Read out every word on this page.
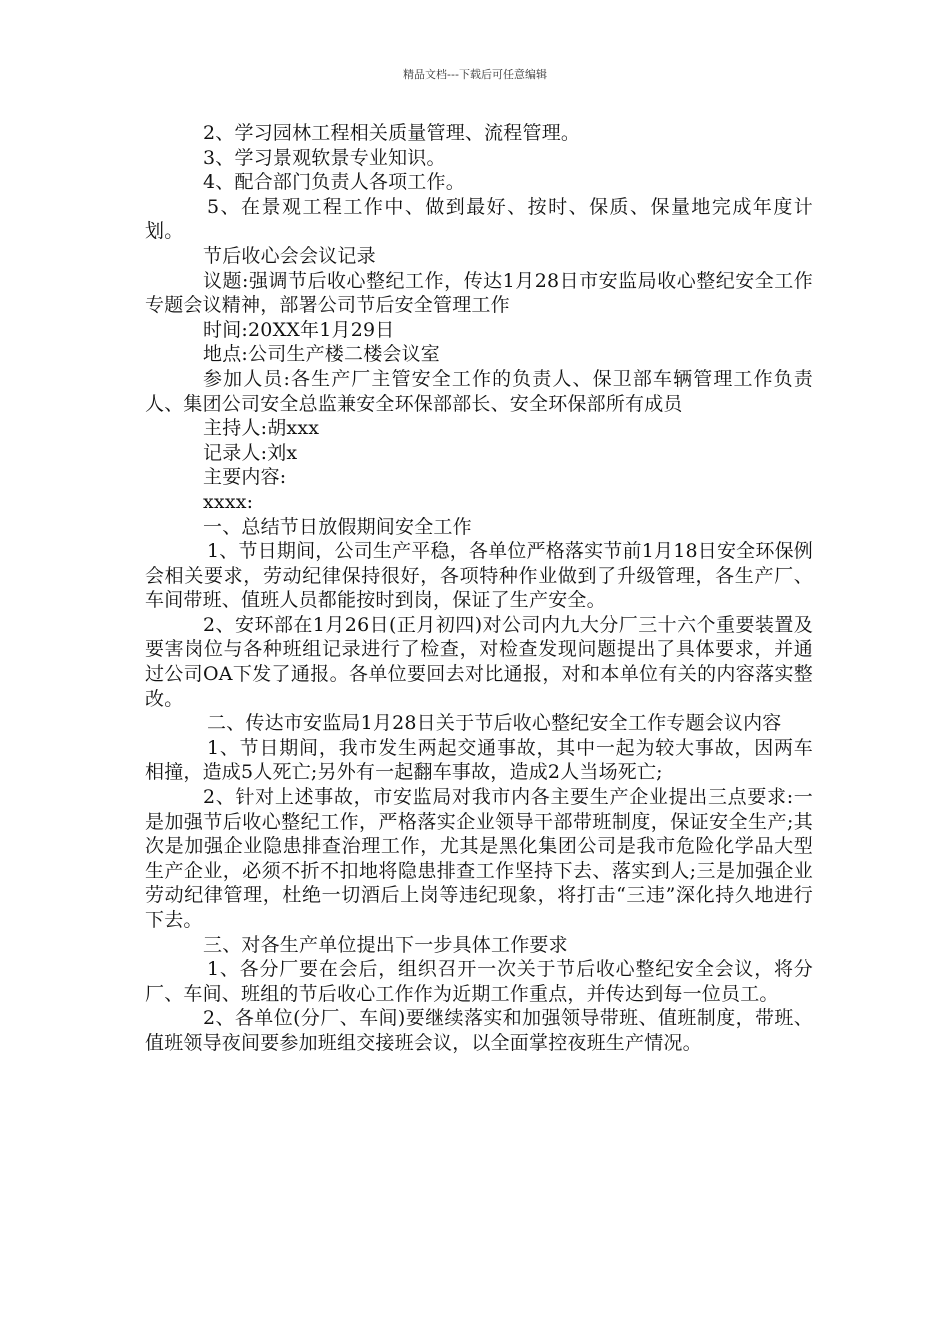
精品文档---下载后可任意编辑

2、学习园林工程相关质量管理、流程管理。

3、学习景观软景专业知识。

4、配合部门负责人各项工作。

5、在景观工程工作中、做到最好、按时、保质、保量地完成年度计划。

节后收心会会议记录

议题:强调节后收心整纪工作，传达1月28日市安监局收心整纪安全工作专题会议精神，部署公司节后安全管理工作

时间:20XX年1月29日

地点:公司生产楼二楼会议室

参加人员:各生产厂主管安全工作的负责人、保卫部车辆管理工作负责人、集团公司安全总监兼安全环保部部长、安全环保部所有成员

主持人:胡xxx

记录人:刘x

主要内容:

xxxx:

一、总结节日放假期间安全工作

1、节日期间，公司生产平稳，各单位严格落实节前1月18日安全环保例会相关要求，劳动纪律保持很好，各项特种作业做到了升级管理，各生产厂、车间带班、值班人员都能按时到岗，保证了生产安全。

2、安环部在1月26日(正月初四)对公司内九大分厂三十六个重要装置及要害岗位与各种班组记录进行了检查，对检查发现问题提出了具体要求，并通过公司OA下发了通报。各单位要回去对比通报，对和本单位有关的内容落实整改。

二、传达市安监局1月28日关于节后收心整纪安全工作专题会议内容

1、节日期间，我市发生两起交通事故，其中一起为较大事故，因两车相撞，造成5人死亡;另外有一起翻车事故，造成2人当场死亡;

2、针对上述事故，市安监局对我市内各主要生产企业提出三点要求:一是加强节后收心整纪工作，严格落实企业领导干部带班制度，保证安全生产;其次是加强企业隐患排查治理工作，尤其是黑化集团公司是我市危险化学品大型生产企业，必须不折不扣地将隐患排查工作坚持下去、落实到人;三是加强企业劳动纪律管理，杜绝一切酒后上岗等违纪现象，将打击“三违”深化持久地进行下去。

三、对各生产单位提出下一步具体工作要求

1、各分厂要在会后，组织召开一次关于节后收心整纪安全会议，将分厂、车间、班组的节后收心工作作为近期工作重点，并传达到每一位员工。

2、各单位(分厂、车间)要继续落实和加强领导带班、值班制度，带班、值班领导夜间要参加班组交接班会议，以全面掌控夜班生产情况。
